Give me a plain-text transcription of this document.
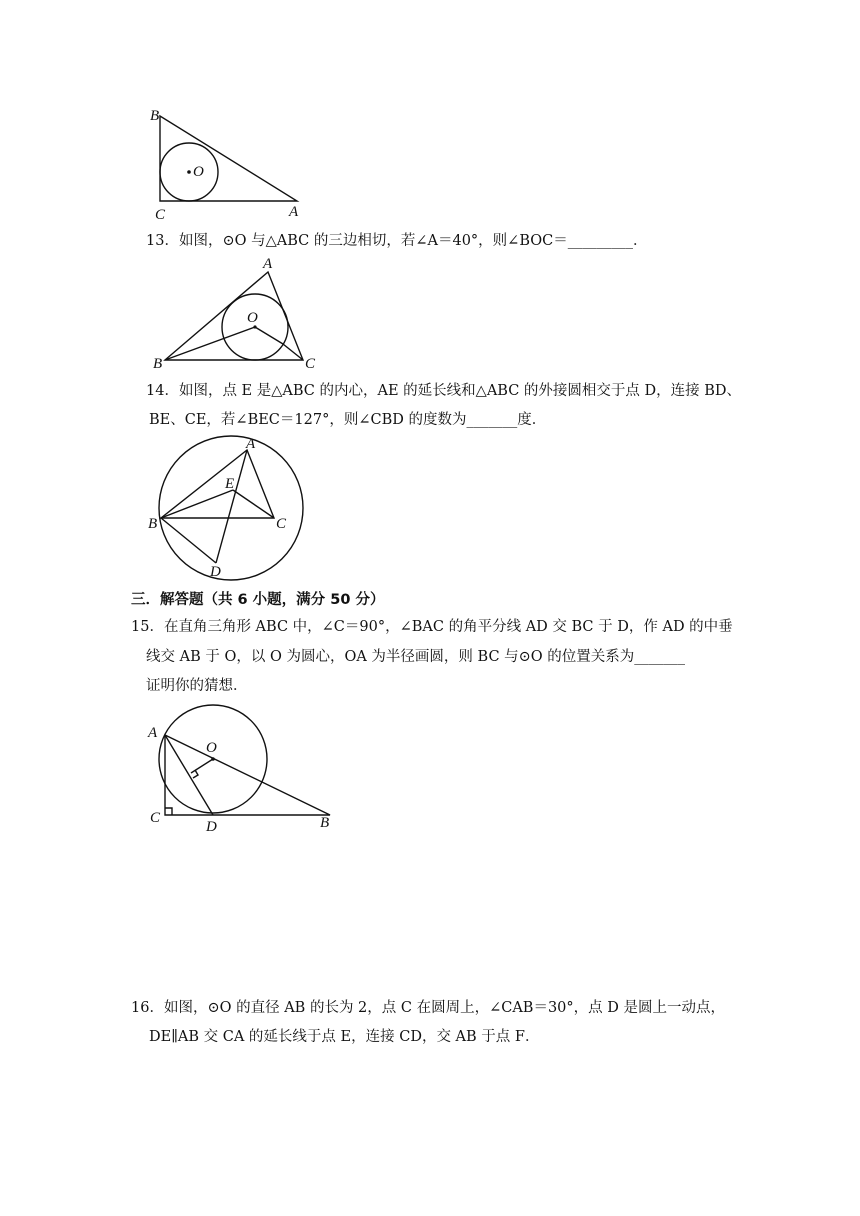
B
C	A
O
13．如图，⊙O 与△ABC 的三边相切，若∠A＝40°，则∠BOC＝_________．
A
B	C
O
14．如图，点 E 是△ABC 的内心，AE 的延长线和△ABC 的外接圆相交于点 D，连接 BD、
BE、CE，若∠BEC＝127°，则∠CBD 的度数为_______度．
A
B	C
D
E
三．解答题（共 6 小题，满分 50 分）
15．在直角三角形 ABC 中，∠C＝90°，∠BAC 的角平分线 AD 交 BC 于 D，作 AD 的中垂
线交 AB 于 O，以 O 为圆心，OA 为半径画圆，则 BC 与⊙O 的位置关系为_______
证明你的猜想．
A
O
C
D	B
16．如图，⊙O 的直径 AB 的长为 2，点 C 在圆周上，∠CAB＝30°，点 D 是圆上一动点，
DE∥AB 交 CA 的延长线于点 E，连接 CD，交 AB 于点 F．
